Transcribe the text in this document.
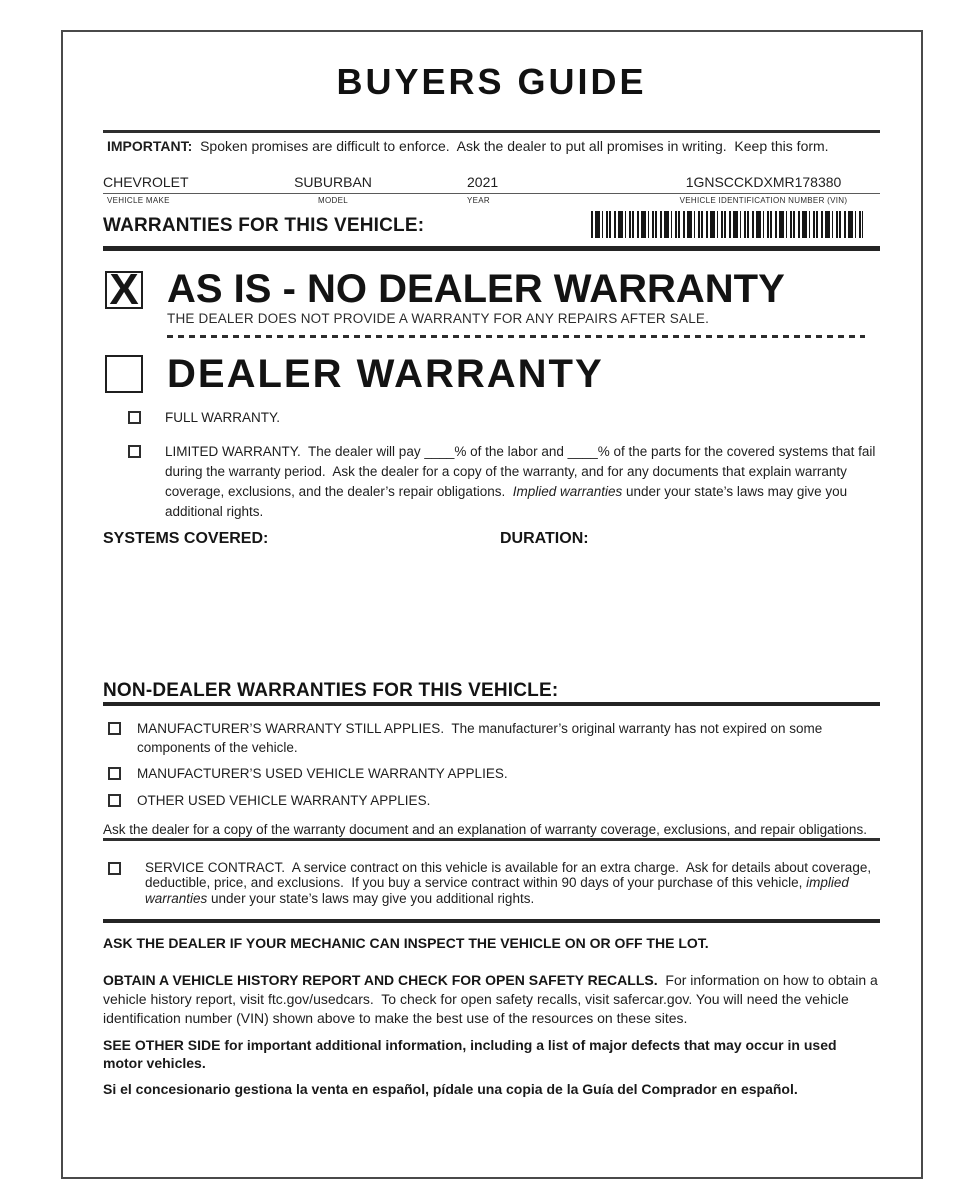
BUYERS GUIDE
IMPORTANT:  Spoken promises are difficult to enforce.  Ask the dealer to put all promises in writing.  Keep this form.
CHEVROLET	SUBURBAN	2021	1GNSCCKDXMR178380
VEHICLE MAKE	MODEL	YEAR	VEHICLE IDENTIFICATION NUMBER (VIN)
WARRANTIES FOR THIS VEHICLE:
X AS IS - NO DEALER WARRANTY
THE DEALER DOES NOT PROVIDE A WARRANTY FOR ANY REPAIRS AFTER SALE.
DEALER WARRANTY
FULL WARRANTY.
LIMITED WARRANTY.  The dealer will pay ____% of the labor and ____% of the parts for the covered systems that fail during the warranty period.  Ask the dealer for a copy of the warranty, and for any documents that explain warranty coverage, exclusions, and the dealer’s repair obligations.  Implied warranties under your state’s laws may give you additional rights.
SYSTEMS COVERED:	DURATION:
NON-DEALER WARRANTIES FOR THIS VEHICLE:
MANUFACTURER’S WARRANTY STILL APPLIES.  The manufacturer’s original warranty has not expired on some components of the vehicle.
MANUFACTURER’S USED VEHICLE WARRANTY APPLIES.
OTHER USED VEHICLE WARRANTY APPLIES.
Ask the dealer for a copy of the warranty document and an explanation of warranty coverage, exclusions, and repair obligations.
SERVICE CONTRACT.  A service contract on this vehicle is available for an extra charge.  Ask for details about coverage, deductible, price, and exclusions.  If you buy a service contract within 90 days of your purchase of this vehicle, implied warranties under your state’s laws may give you additional rights.
ASK THE DEALER IF YOUR MECHANIC CAN INSPECT THE VEHICLE ON OR OFF THE LOT.
OBTAIN A VEHICLE HISTORY REPORT AND CHECK FOR OPEN SAFETY RECALLS.  For information on how to obtain a vehicle history report, visit ftc.gov/usedcars.  To check for open safety recalls, visit safercar.gov. You will need the vehicle identification number (VIN) shown above to make the best use of the resources on these sites.
SEE OTHER SIDE for important additional information, including a list of major defects that may occur in used motor vehicles.
Si el concesionario gestiona la venta en español, pídale una copia de la Guía del Comprador en español.
